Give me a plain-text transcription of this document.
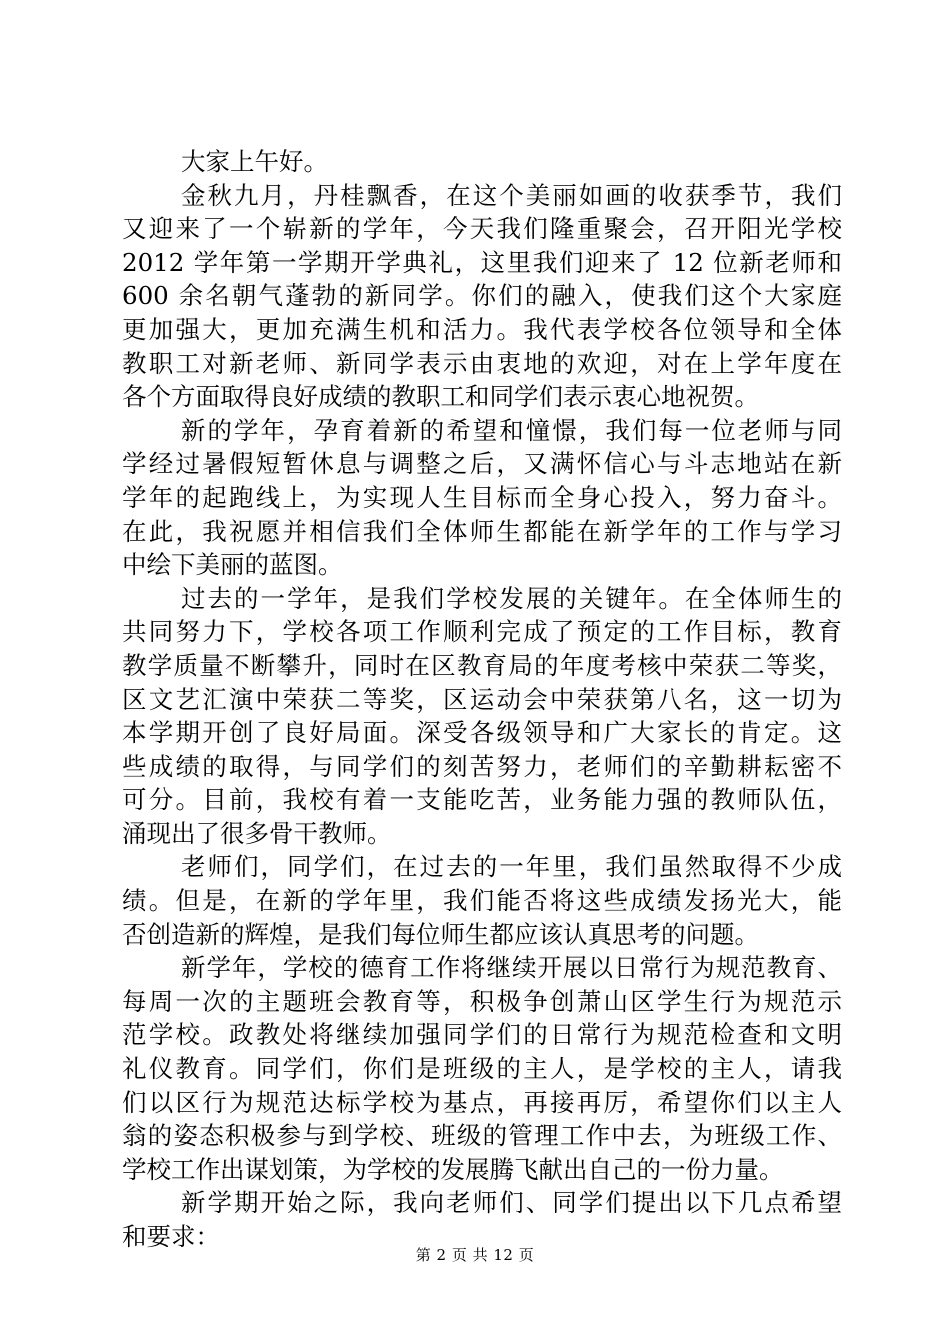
大家上午好。
金秋九月，丹桂飘香，在这个美丽如画的收获季节，我们
又迎来了一个崭新的学年，今天我们隆重聚会，召开阳光学校
2012 学年第一学期开学典礼，这里我们迎来了 12 位新老师和
600 余名朝气蓬勃的新同学。你们的融入，使我们这个大家庭
更加强大，更加充满生机和活力。我代表学校各位领导和全体
教职工对新老师、新同学表示由衷地的欢迎，对在上学年度在
各个方面取得良好成绩的教职工和同学们表示衷心地祝贺。
新的学年，孕育着新的希望和憧憬，我们每一位老师与同
学经过暑假短暂休息与调整之后，又满怀信心与斗志地站在新
学年的起跑线上，为实现人生目标而全身心投入，努力奋斗。
在此，我祝愿并相信我们全体师生都能在新学年的工作与学习
中绘下美丽的蓝图。
过去的一学年，是我们学校发展的关键年。在全体师生的
共同努力下，学校各项工作顺利完成了预定的工作目标，教育
教学质量不断攀升，同时在区教育局的年度考核中荣获二等奖，
区文艺汇演中荣获二等奖，区运动会中荣获第八名，这一切为
本学期开创了良好局面。深受各级领导和广大家长的肯定。这
些成绩的取得，与同学们的刻苦努力，老师们的辛勤耕耘密不
可分。目前，我校有着一支能吃苦，业务能力强的教师队伍，
涌现出了很多骨干教师。
老师们，同学们，在过去的一年里，我们虽然取得不少成
绩。但是，在新的学年里，我们能否将这些成绩发扬光大，能
否创造新的辉煌，是我们每位师生都应该认真思考的问题。
新学年，学校的德育工作将继续开展以日常行为规范教育、
每周一次的主题班会教育等，积极争创萧山区学生行为规范示
范学校。政教处将继续加强同学们的日常行为规范检查和文明
礼仪教育。同学们，你们是班级的主人，是学校的主人，请我
们以区行为规范达标学校为基点，再接再厉，希望你们以主人
翁的姿态积极参与到学校、班级的管理工作中去，为班级工作、
学校工作出谋划策，为学校的发展腾飞献出自己的一份力量。
新学期开始之际，我向老师们、同学们提出以下几点希望
和要求：
第 2 页 共 12 页
